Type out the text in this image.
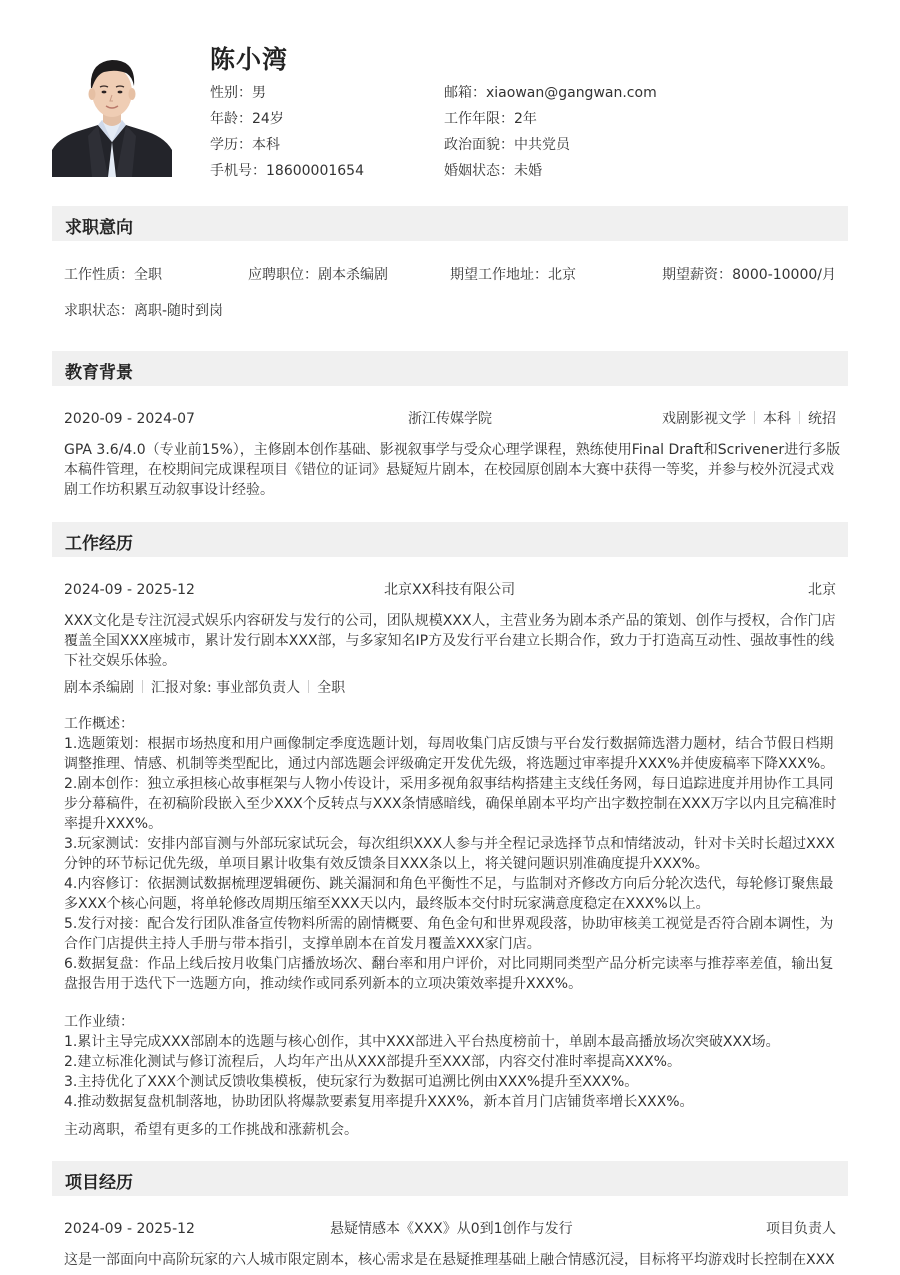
陈小湾
性别：男	邮箱：xiaowan@gangwan.com
年龄：24岁	工作年限：2年
学历：本科	政治面貌：中共党员
手机号：18600001654	婚姻状态：未婚
求职意向
工作性质：全职	应聘职位：剧本杀编剧	期望工作地址：北京	期望薪资：8000-10000/月
求职状态：离职-随时到岗
教育背景
2020-09 - 2024-07	浙江传媒学院	戏剧影视文学 本科 统招
GPA 3.6/4.0（专业前15%），主修剧本创作基础、影视叙事学与受众心理学课程，熟练使用Final Draft和Scrivener进行多版
本稿件管理，在校期间完成课程项目《错位的证词》悬疑短片剧本，在校园原创剧本大赛中获得一等奖，并参与校外沉浸式戏
剧工作坊积累互动叙事设计经验。
工作经历
2024-09 - 2025-12	北京XX科技有限公司	北京
XXX文化是专注沉浸式娱乐内容研发与发行的公司，团队规模XXX人，主营业务为剧本杀产品的策划、创作与授权，合作门店
覆盖全国XXX座城市，累计发行剧本XXX部，与多家知名IP方及发行平台建立长期合作，致力于打造高互动性、强故事性的线
下社交娱乐体验。
剧本杀编剧 汇报对象: 事业部负责人 全职
工作概述：
1.选题策划：根据市场热度和用户画像制定季度选题计划，每周收集门店反馈与平台发行数据筛选潜力题材，结合节假日档期
调整推理、情感、机制等类型配比，通过内部选题会评级确定开发优先级，将选题过审率提升XXX%并使废稿率下降XXX%。
2.剧本创作：独立承担核心故事框架与人物小传设计，采用多视角叙事结构搭建主支线任务网，每日追踪进度并用协作工具同
步分幕稿件，在初稿阶段嵌入至少XXX个反转点与XXX条情感暗线，确保单剧本平均产出字数控制在XXX万字以内且完稿准时
率提升XXX%。
3.玩家测试：安排内部盲测与外部玩家试玩会，每次组织XXX人参与并全程记录选择节点和情绪波动，针对卡关时长超过XXX
分钟的环节标记优先级，单项目累计收集有效反馈条目XXX条以上，将关键问题识别准确度提升XXX%。
4.内容修订：依据测试数据梳理逻辑硬伤、跳关漏洞和角色平衡性不足，与监制对齐修改方向后分轮次迭代，每轮修订聚焦最
多XXX个核心问题，将单轮修改周期压缩至XXX天以内，最终版本交付时玩家满意度稳定在XXX%以上。
5.发行对接：配合发行团队准备宣传物料所需的剧情概要、角色金句和世界观段落，协助审核美工视觉是否符合剧本调性，为
合作门店提供主持人手册与带本指引，支撑单剧本在首发月覆盖XXX家门店。
6.数据复盘：作品上线后按月收集门店播放场次、翻台率和用户评价，对比同期同类型产品分析完读率与推荐率差值，输出复
盘报告用于迭代下一选题方向，推动续作或同系列新本的立项决策效率提升XXX%。
工作业绩：
1.累计主导完成XXX部剧本的选题与核心创作，其中XXX部进入平台热度榜前十，单剧本最高播放场次突破XXX场。
2.建立标准化测试与修订流程后，人均年产出从XXX部提升至XXX部，内容交付准时率提高XXX%。
3.主持优化了XXX个测试反馈收集模板，使玩家行为数据可追溯比例由XXX%提升至XXX%。
4.推动数据复盘机制落地，协助团队将爆款要素复用率提升XXX%，新本首月门店铺货率增长XXX%。
主动离职，希望有更多的工作挑战和涨薪机会。
项目经历
2024-09 - 2025-12	悬疑情感本《XXX》从0到1创作与发行	项目负责人
这是一部面向中高阶玩家的六人城市限定剧本，核心需求是在悬疑推理基础上融合情感沉浸，目标将平均游戏时长控制在XXX
